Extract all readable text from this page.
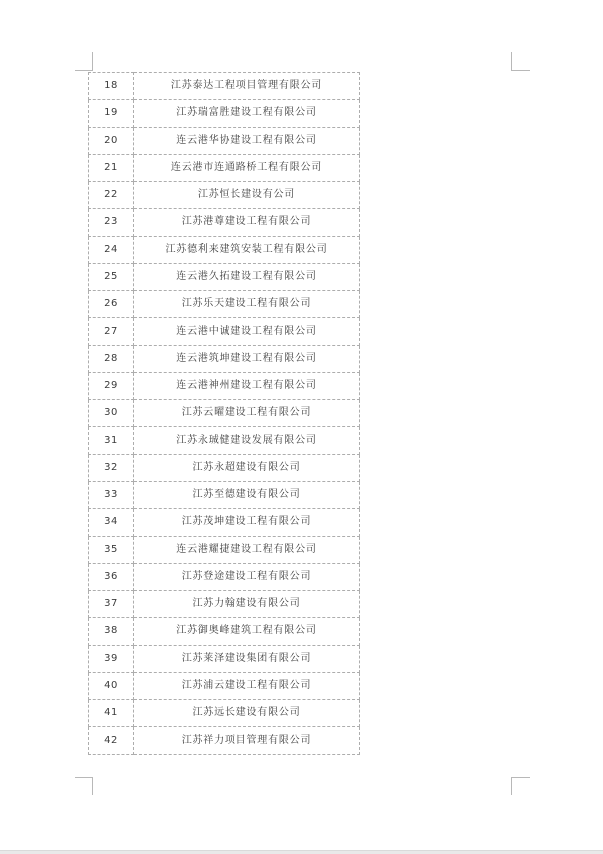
18	江苏泰达工程项目管理有限公司
19	江苏瑞富胜建设工程有限公司
20	连云港华协建设工程有限公司
21	连云港市连通路桥工程有限公司
22	江苏恒长建设有公司
23	江苏港尊建设工程有限公司
24	江苏德利来建筑安装工程有限公司
25	连云港久拓建设工程有限公司
26	江苏乐天建设工程有限公司
27	连云港中诚建设工程有限公司
28	连云港筑坤建设工程有限公司
29	连云港神州建设工程有限公司
30	江苏云曜建设工程有限公司
31	江苏永珹健建设发展有限公司
32	江苏永超建设有限公司
33	江苏至德建设有限公司
34	江苏茂坤建设工程有限公司
35	连云港耀捷建设工程有限公司
36	江苏登途建设工程有限公司
37	江苏力翰建设有限公司
38	江苏御奥峰建筑工程有限公司
39	江苏莱泽建设集团有限公司
40	江苏浦云建设工程有限公司
41	江苏远长建设有限公司
42	江苏祥力项目管理有限公司
